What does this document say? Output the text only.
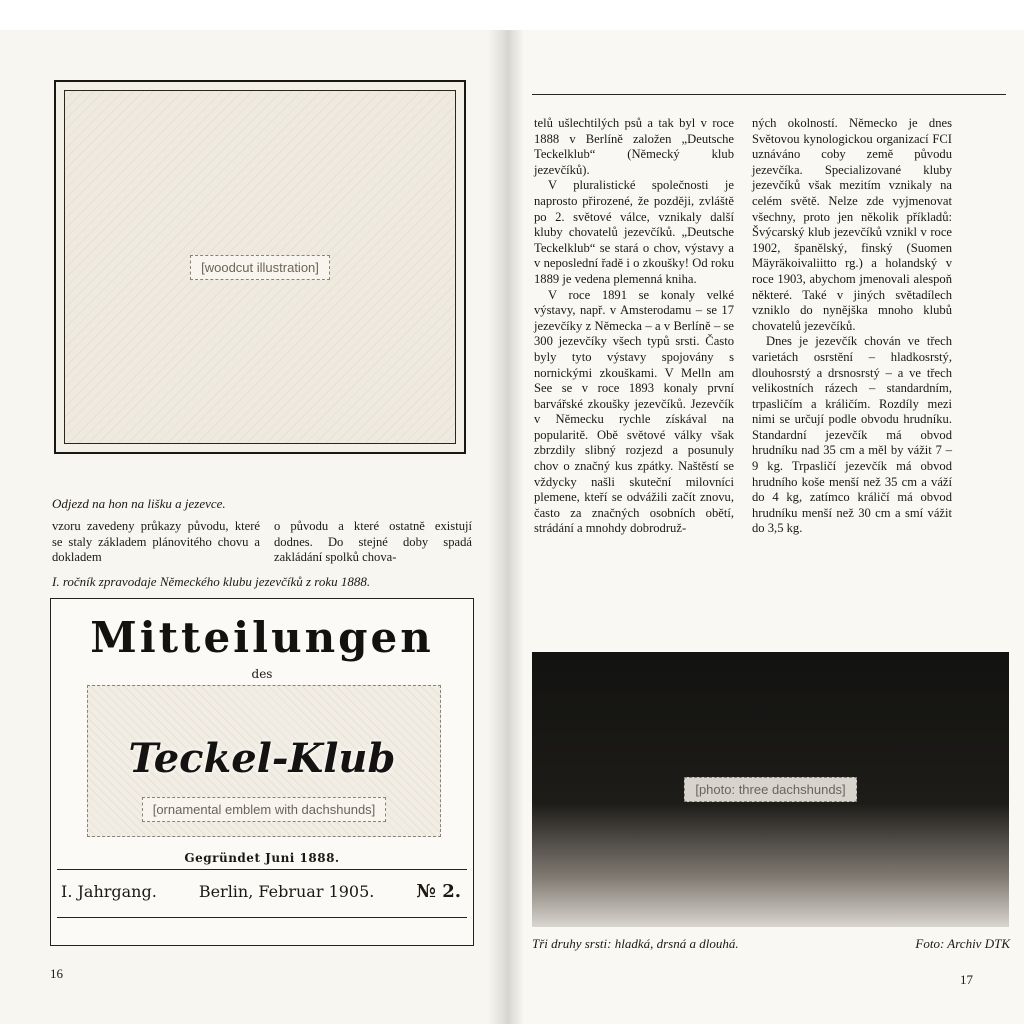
[woodcut illustration]
Odjezd na hon na lišku a jezevce.

vzoru zavedeny průkazy původu, které se staly základem plánovitého chovu a dokladem

o původu a které ostatně existují dodnes. Do stejné doby spadá zakládání spolků chova-

I. ročník zpravodaje Německého klubu jezevčíků z roku 1888.
Mitteilungen
des
[ornamental emblem with dachshunds]
Teckel-Klub
Gegründet Juni 1888.
I. Jahrgang.	Berlin, Februar 1905. № 2.
16

telů ušlechtilých psů a tak byl v roce 1888 v Berlíně založen „Deutsche Teckelklub“ (Německý klub jezevčíků).

V pluralistické společnosti je naprosto přirozené, že později, zvláště po 2. světové válce, vznikaly další kluby chovatelů jezevčíků. „Deutsche Teckelklub“ se stará o chov, výstavy a v neposlední řadě i o zkoušky! Od roku 1889 je vedena plemenná kniha.

V roce 1891 se konaly velké výstavy, např. v Amsterodamu – se 17 jezevčíky z Německa – a v Berlíně – se 300 jezevčíky všech typů srsti. Často byly tyto výstavy spojovány s nornickými zkouškami. V Melln am See se v roce 1893 konaly první barvářské zkoušky jezevčíků. Jezevčík v Německu rychle získával na popularitě. Obě světové války však zbrzdily slibný rozjezd a posunuly chov o značný kus zpátky. Naštěstí se vždycky našli skuteční milovníci plemene, kteří se odvážili začít znovu, často za značných osobních obětí, strádání a mnohdy dobrodruž-

ných okolností. Německo je dnes Světovou kynologickou organizací FCI uznáváno coby země původu jezevčíka. Specializované kluby jezevčíků však mezitím vznikaly na celém světě. Nelze zde vyjmenovat všechny, proto jen několik příkladů: Švýcarský klub jezevčíků vznikl v roce 1902, španělský, finský (Suomen Mäyräkoivaliitto rg.) a holandský v roce 1903, abychom jmenovali alespoň některé. Také v jiných světadílech vzniklo do nynějška mnoho klubů chovatelů jezevčíků.

Dnes je jezevčík chován ve třech varietách osrstění – hladkosrstý, dlouhosrstý a drsnosrstý – a ve třech velikostních rázech – standardním, trpasličím a králičím. Rozdíly mezi nimi se určují podle obvodu hrudníku. Standardní jezevčík má obvod hrudníku nad 35 cm a měl by vážit 7 – 9 kg. Trpasličí jezevčík má obvod hrudního koše menší než 35 cm a váží do 4 kg, zatímco králičí má obvod hrudníku menší než 30 cm a smí vážit do 3,5 kg.

[photo: three dachshunds]
Tři druhy srsti: hladká, drsná a dlouhá.	Foto: Archiv DTK
17
